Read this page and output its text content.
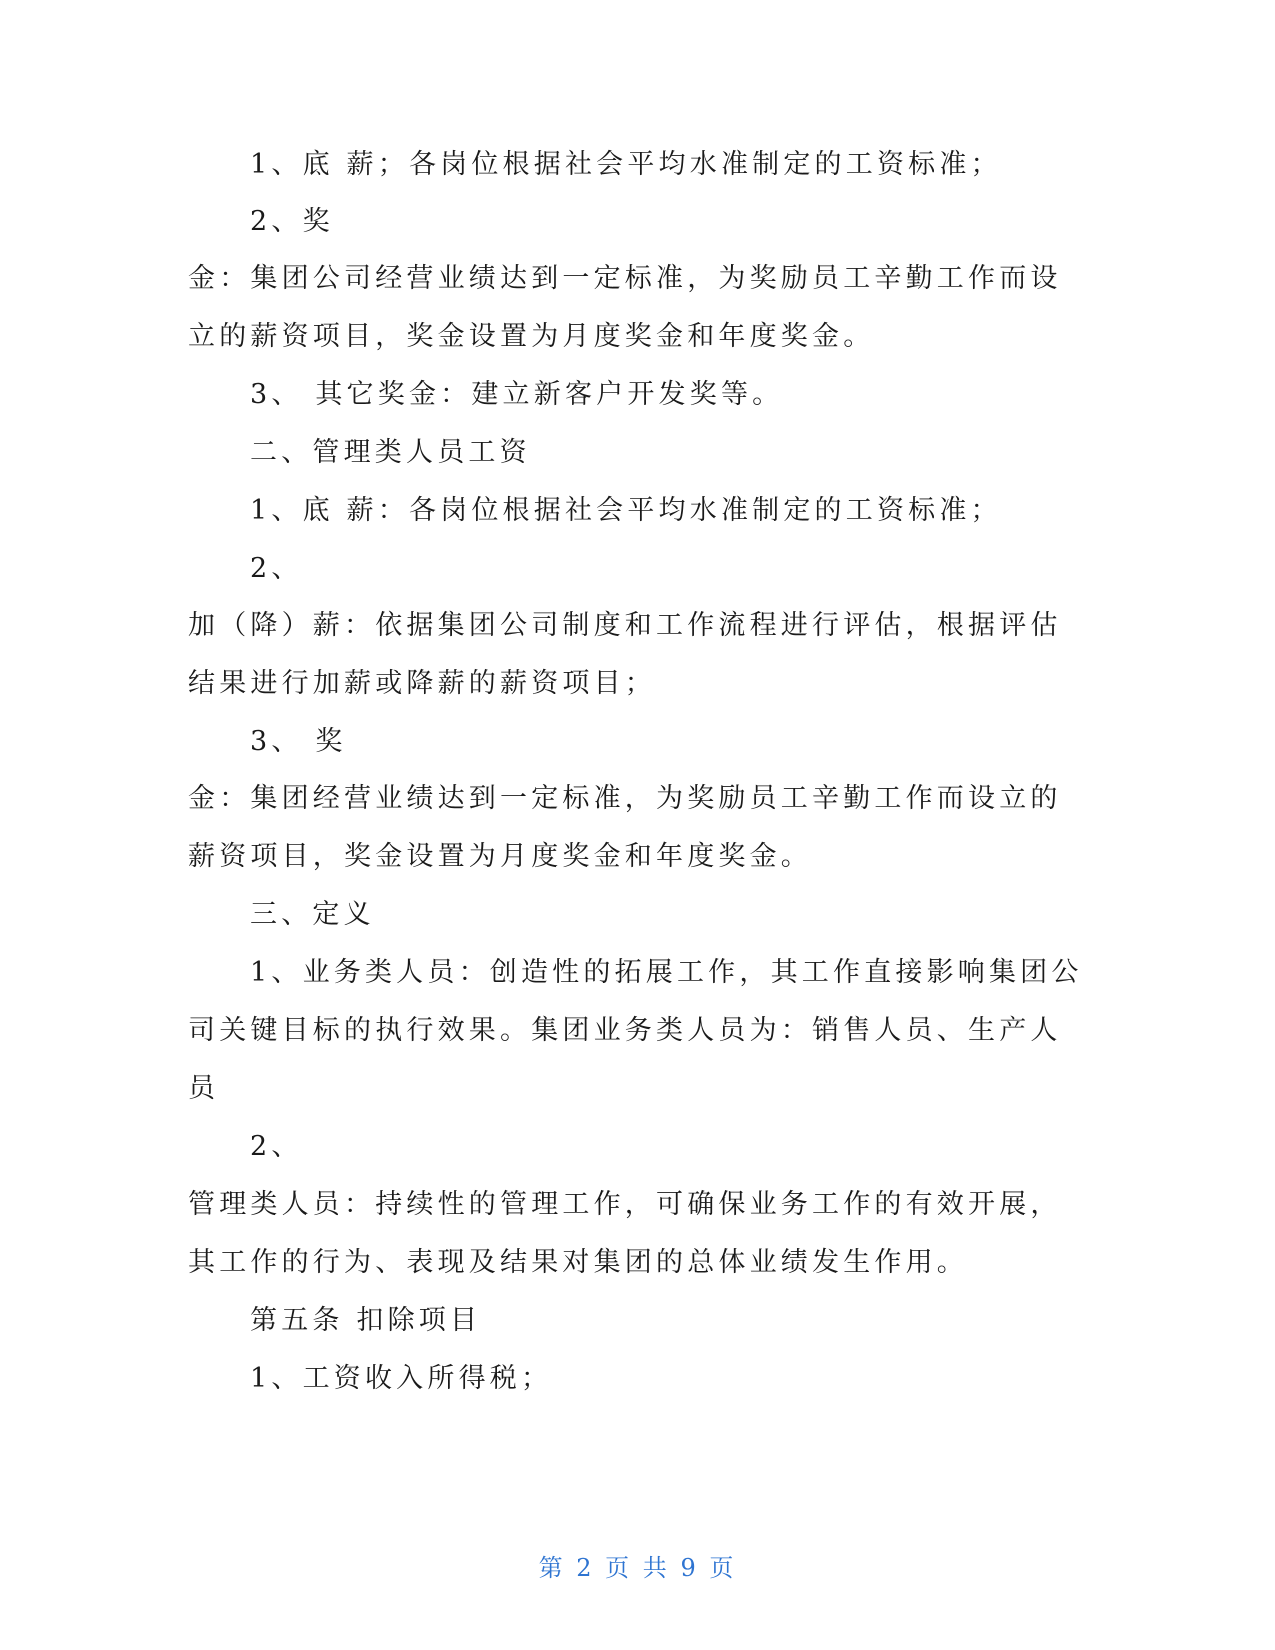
1、底 薪；各岗位根据社会平均水准制定的工资标准；
2、奖
金：集团公司经营业绩达到一定标准，为奖励员工辛勤工作而设
立的薪资项目，奖金设置为月度奖金和年度奖金。
3、 其它奖金：建立新客户开发奖等。
二、管理类人员工资
1、底 薪：各岗位根据社会平均水准制定的工资标准；
2、
加（降）薪：依据集团公司制度和工作流程进行评估，根据评估
结果进行加薪或降薪的薪资项目；
3、 奖
金：集团经营业绩达到一定标准，为奖励员工辛勤工作而设立的
薪资项目，奖金设置为月度奖金和年度奖金。
三、定义
1、业务类人员：创造性的拓展工作，其工作直接影响集团公
司关键目标的执行效果。集团业务类人员为：销售人员、生产人
员
2、
管理类人员：持续性的管理工作，可确保业务工作的有效开展，
其工作的行为、表现及结果对集团的总体业绩发生作用。
第五条 扣除项目
1、工资收入所得税；
第 2 页 共 9 页
